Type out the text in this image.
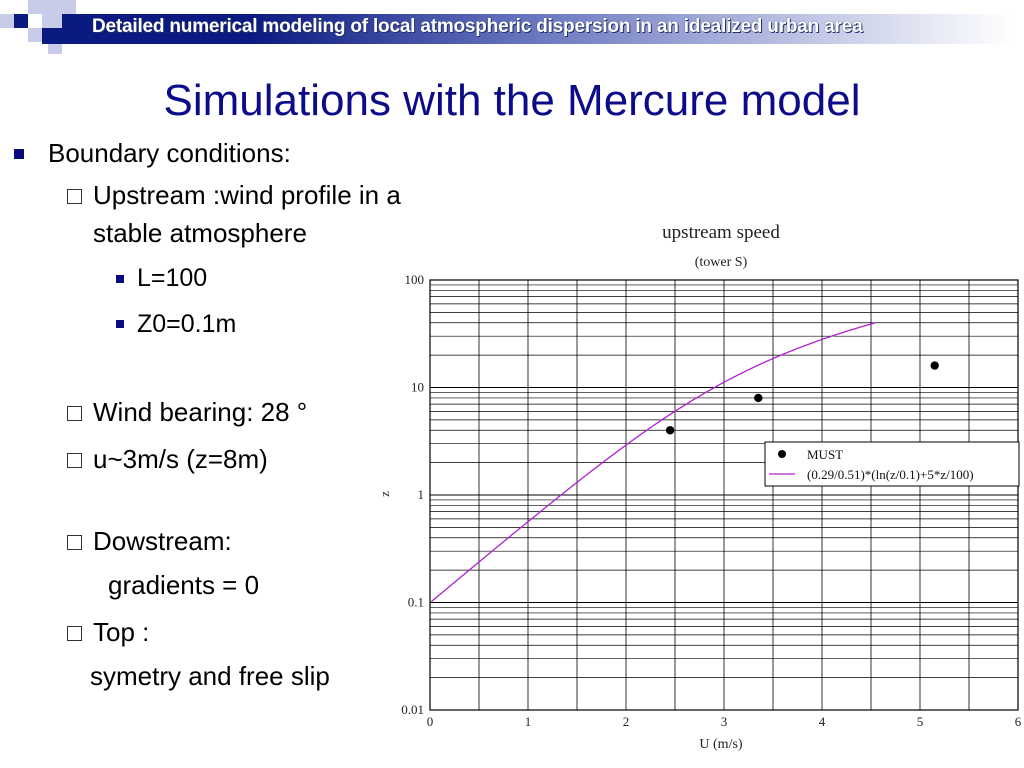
Detailed numerical modeling of local atmospheric dispersion in an idealized urban area
Simulations with the Mercure model
Boundary conditions:
Upstream :wind profile in a
stable atmosphere
L=100
Z0=0.1m
Wind bearing: 28 °
u~3m/s (z=8m)
Dowstream:
gradients = 0
Top :
symetry and free slip
upstream speed
(tower S)
0.01
0.1
1
10
100
0	1	2	3	4	5	6
U (m/s)
z
MUST
(0.29/0.51)*(ln(z/0.1)+5*z/100)
